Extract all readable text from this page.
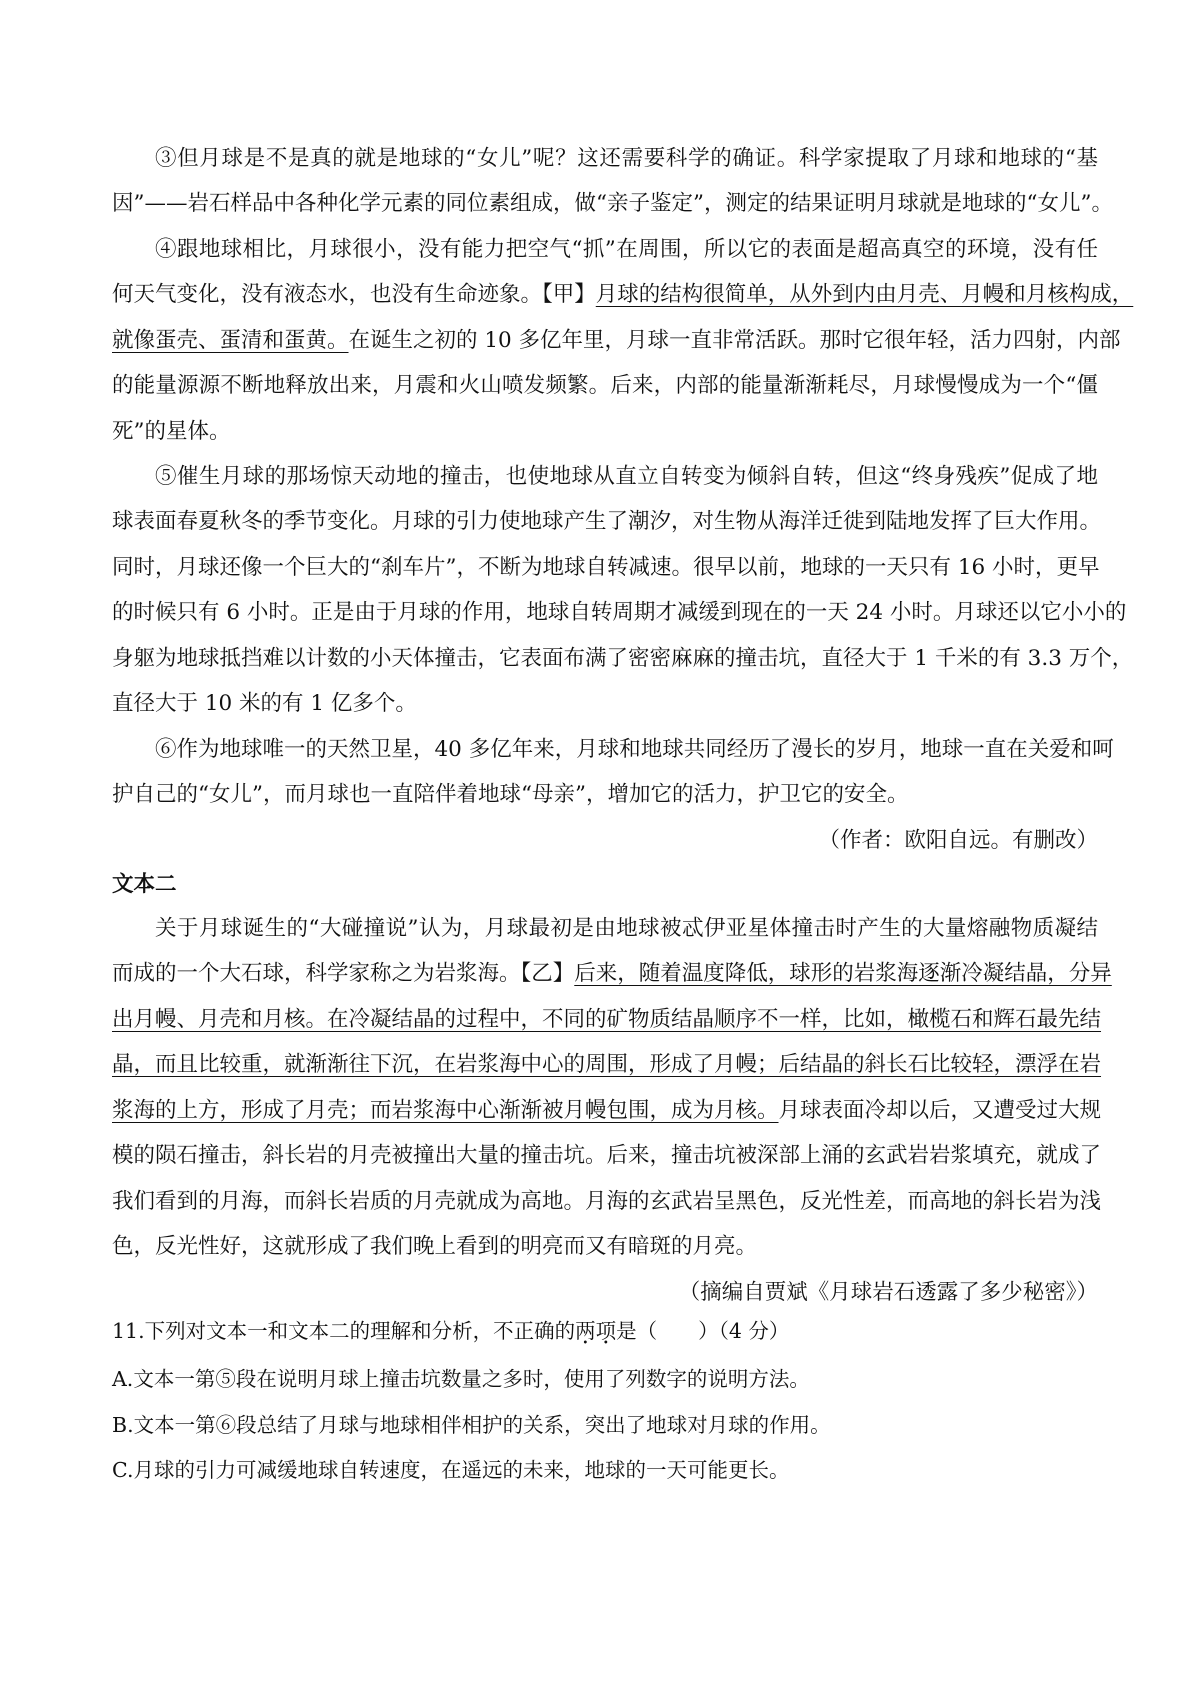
③但月球是不是真的就是地球的“女儿”呢？这还需要科学的确证。科学家提取了月球和地球的“基
因”——岩石样品中各种化学元素的同位素组成，做“亲子鉴定”，测定的结果证明月球就是地球的“女儿”。
④跟地球相比，月球很小，没有能力把空气“抓”在周围，所以它的表面是超高真空的环境，没有任
何天气变化，没有液态水，也没有生命迹象。【甲】月球的结构很简单，从外到内由月壳、月幔和月核构成，
就像蛋壳、蛋清和蛋黄。在诞生之初的 10 多亿年里，月球一直非常活跃。那时它很年轻，活力四射，内部
的能量源源不断地释放出来，月震和火山喷发频繁。后来，内部的能量渐渐耗尽，月球慢慢成为一个“僵
死”的星体。
⑤催生月球的那场惊天动地的撞击，也使地球从直立自转变为倾斜自转，但这“终身残疾”促成了地
球表面春夏秋冬的季节变化。月球的引力使地球产生了潮汐，对生物从海洋迁徙到陆地发挥了巨大作用。
同时，月球还像一个巨大的“刹车片”，不断为地球自转减速。很早以前，地球的一天只有 16 小时，更早
的时候只有 6 小时。正是由于月球的作用，地球自转周期才减缓到现在的一天 24 小时。月球还以它小小的
身躯为地球抵挡难以计数的小天体撞击，它表面布满了密密麻麻的撞击坑，直径大于 1 千米的有 3.3 万个，
直径大于 10 米的有 1 亿多个。
⑥作为地球唯一的天然卫星，40 多亿年来，月球和地球共同经历了漫长的岁月，地球一直在关爱和呵
护自己的“女儿”，而月球也一直陪伴着地球“母亲”，增加它的活力，护卫它的安全。
（作者：欧阳自远。有删改）
文本二
关于月球诞生的“大碰撞说”认为，月球最初是由地球被忒伊亚星体撞击时产生的大量熔融物质凝结
而成的一个大石球，科学家称之为岩浆海。【乙】后来，随着温度降低，球形的岩浆海逐渐冷凝结晶，分异
出月幔、月壳和月核。在冷凝结晶的过程中，不同的矿物质结晶顺序不一样，比如，橄榄石和辉石最先结
晶，而且比较重，就渐渐往下沉，在岩浆海中心的周围，形成了月幔；后结晶的斜长石比较轻，漂浮在岩
浆海的上方，形成了月壳；而岩浆海中心渐渐被月幔包围，成为月核。月球表面冷却以后，又遭受过大规
模的陨石撞击，斜长岩的月壳被撞出大量的撞击坑。后来，撞击坑被深部上涌的玄武岩岩浆填充，就成了
我们看到的月海，而斜长岩质的月壳就成为高地。月海的玄武岩呈黑色，反光性差，而高地的斜长岩为浅
色，反光性好，这就形成了我们晚上看到的明亮而又有暗斑的月亮。
（摘编自贾斌《月球岩石透露了多少秘密》）
11.下列对文本一和文本二的理解和分析，不正确的两项是（　　）（4 分）
A.文本一第⑤段在说明月球上撞击坑数量之多时，使用了列数字的说明方法。
B.文本一第⑥段总结了月球与地球相伴相护的关系，突出了地球对月球的作用。
C.月球的引力可减缓地球自转速度，在遥远的未来，地球的一天可能更长。
